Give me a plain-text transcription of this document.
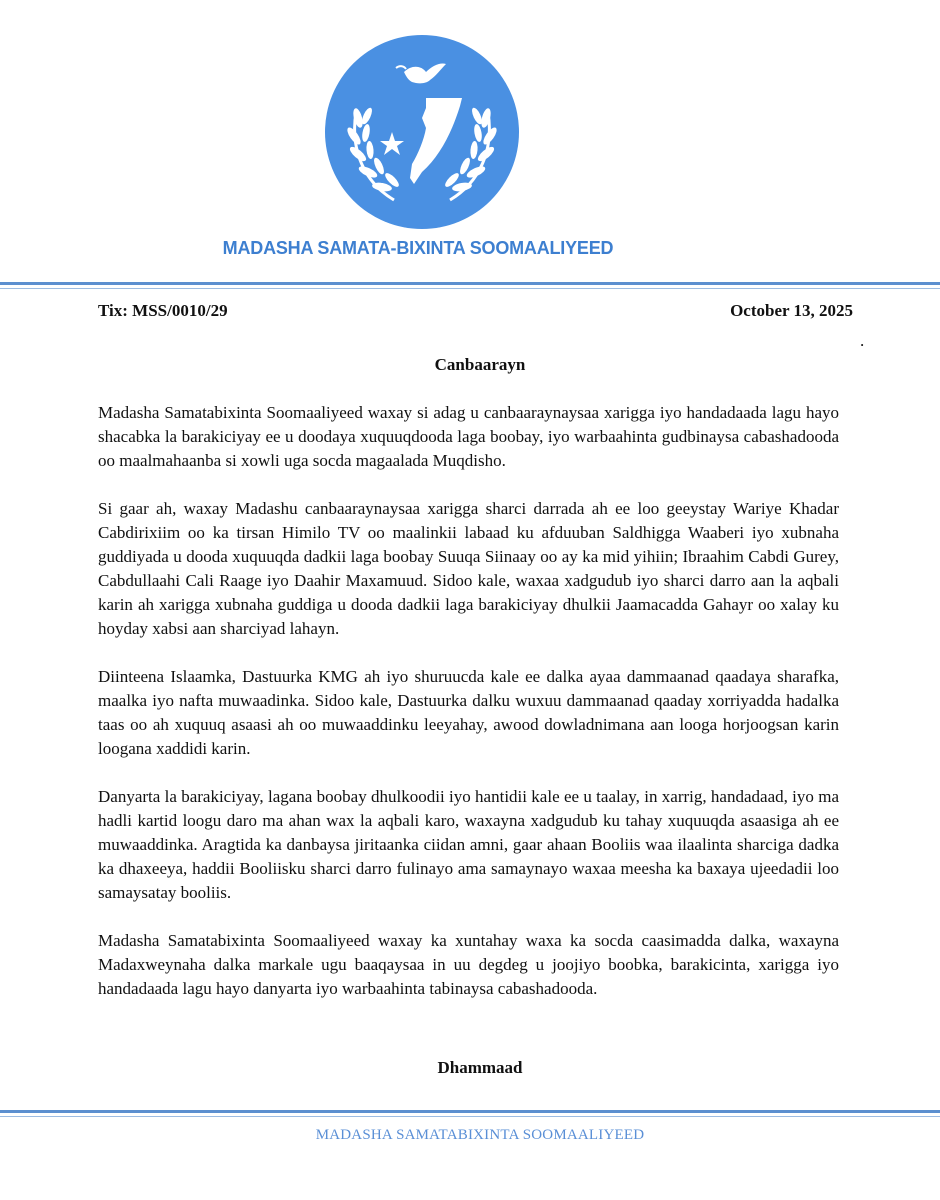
MADASHA SAMATA-BIXINTA SOOMAALIYEED
Tix: MSS/0010/29	October 13, 2025
.
Canbaarayn

Madasha Samatabixinta Soomaaliyeed waxay si adag u canbaaraynaysaa xarigga iyo handadaada lagu hayo shacabka la barakiciyay ee u doodaya xuquuqdooda laga boobay, iyo warbaahinta gudbinaysa cabashadooda oo maalmahaanba si xowli uga socda magaalada Muqdisho.

Si gaar ah, waxay Madashu canbaaraynaysaa xarigga sharci darrada ah ee loo geeystay Wariye Khadar Cabdirixiim oo ka tirsan Himilo TV oo maalinkii labaad ku afduuban Saldhigga Waaberi iyo xubnaha guddiyada u dooda xuquuqda dadkii laga boobay Suuqa Siinaay oo ay ka mid yihiin; Ibraahim Cabdi Gurey, Cabdullaahi Cali Raage iyo Daahir Maxamuud. Sidoo kale, waxaa xadgudub iyo sharci darro aan la aqbali karin ah xarigga xubnaha guddiga u dooda dadkii laga barakiciyay dhulkii Jaamacadda Gahayr oo xalay ku hoyday xabsi aan sharciyad lahayn.

Diinteena Islaamka, Dastuurka KMG ah iyo shuruucda kale ee dalka ayaa dammaanad qaadaya sharafka, maalka iyo nafta muwaadinka. Sidoo kale, Dastuurka dalku wuxuu dammaanad qaaday xorriyadda hadalka taas oo ah xuquuq asaasi ah oo muwaaddinku leeyahay, awood dowladnimana aan looga horjoogsan karin loogana xaddidi karin.

Danyarta la barakiciyay, lagana boobay dhulkoodii iyo hantidii kale ee u taalay, in xarrig, handadaad, iyo ma hadli kartid loogu daro ma ahan wax la aqbali karo, waxayna xadgudub ku tahay xuquuqda asaasiga ah ee muwaaddinka. Aragtida ka danbaysa jiritaanka ciidan amni, gaar ahaan Booliis waa ilaalinta sharciga dadka ka dhaxeeya, haddii Booliisku sharci darro fulinayo ama samaynayo waxaa meesha ka baxaya ujeedadii loo samaysatay booliis.

Madasha Samatabixinta Soomaaliyeed waxay ka xuntahay waxa ka socda caasimadda dalka, waxayna Madaxweynaha dalka markale ugu baaqaysaa in uu degdeg u joojiyo boobka, barakicinta, xarigga iyo handadaada lagu hayo danyarta iyo warbaahinta tabinaysa cabashadooda.

Dhammaad
MADASHA SAMATABIXINTA SOOMAALIYEED
